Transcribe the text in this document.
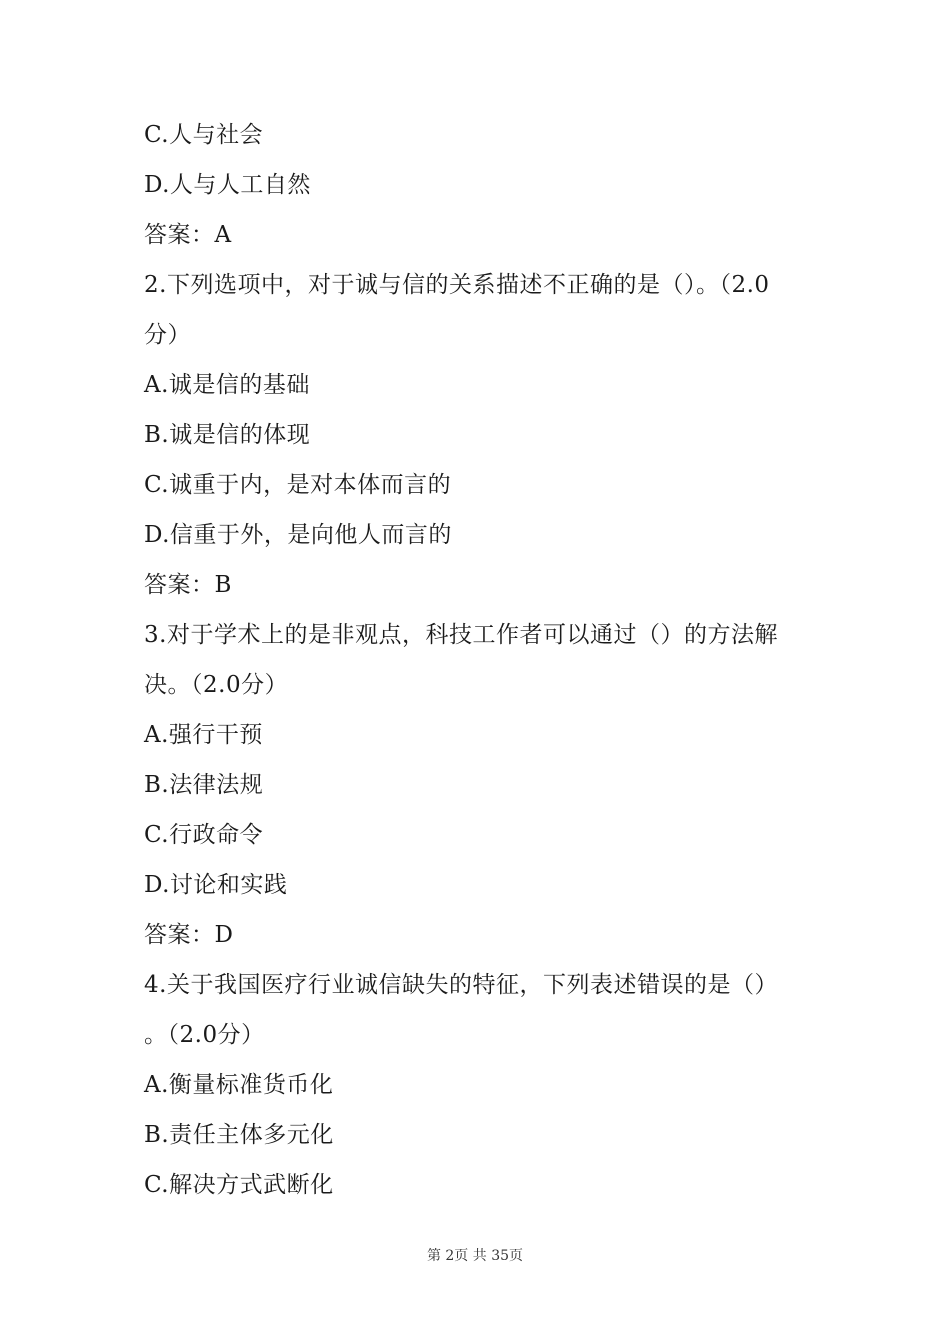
C.人与社会
D.人与人工自然
答案：A
2.下列选项中，对于诚与信的关系描述不正确的是（）。（2.0
分）
A.诚是信的基础
B.诚是信的体现
C.诚重于内，是对本体而言的
D.信重于外，是向他人而言的
答案：B
3.对于学术上的是非观点，科技工作者可以通过（）的方法解
决。（2.0分）
A.强行干预
B.法律法规
C.行政命令
D.讨论和实践
答案：D
4.关于我国医疗行业诚信缺失的特征，下列表述错误的是（）
。（2.0分）
A.衡量标准货币化
B.责任主体多元化
C.解决方式武断化
第 2页 共 35页
